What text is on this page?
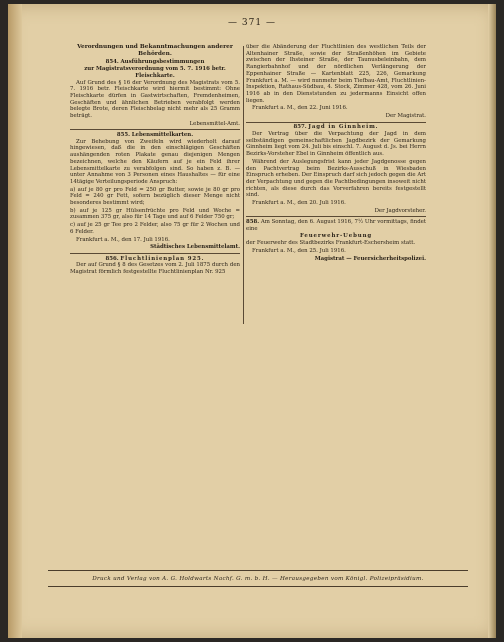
— 371 —
Verordnungen und Bekanntmachungen anderer Behörden.
854. Ausführungsbestimmungen
zur Magistratsverordnung vom 5. 7. 1916 betr. Fleischkarte.

Auf Grund des § 16 der Verordnung des Magistrats vom 5. 7. 1916 betr. Fleischkarte wird hiermit bestimmt: Ohne Fleischkarte dürfen in Gastwirtschaften, Fremdenheimen, Geschäften und ähnlichen Betrieben verabfolgt werden belegte Brote, deren Fleischbelag nicht mehr als 25 Gramm beträgt.

Lebensmittel-Amt.
855. Lebensmittelkarten.

Zur Behebung von Zweifeln wird wiederholt darauf hingewiesen, daß die in den einschlägigen Geschäften aushängenden roten Plakate genau diejenigen Mengen bezeichnen, welche den Käufern auf je ein Feld ihrer Lebensmittelkarte zu verabfolgen sind. So haben z. B. — unter Annahme von 3 Personen eines Haushaltes — für eine 14tägige Verteilungsperiode Anspruch:

a) auf je 80 gr pro Feld = 250 gr Butter, sowie je 80 gr pro Feld = 240 gr Fett, sofern bezüglich dieser Menge nicht besonderes bestimmt wird;

b) auf je 125 gr Hülsenfrüchte pro Feld und Woche = zusammen 375 gr, also für 14 Tage und auf 6 Felder 750 gr;

c) auf je 25 gr Tee pro 2 Felder, also 75 gr für 2 Wochen und 6 Felder.

Frankfurt a. M., den 17. Juli 1916.

Städtisches Lebensmittelamt.
856. Fluchtlinienplan 925.

Der auf Grund § 8 des Gesetzes vom 2. Juli 1875 durch den Magistrat förmlich festgestellte Fluchtlinienplan Nr. 925

über die Abänderung der Fluchtlinien des westlichen Teils der Altenhainer Straße, sowie der Straßenhöhen im Gebiete zwischen der Ihsteiner Straße, der Taunusbeleinbahn, dem Rangierbahnhof und der nördlichen Verlängerung der Eppenhainer Straße — Kartenblatt 225, 226, Gemarkung Frankfurt a. M. — wird nunmehr beim Tiefbau-Amt, Fluchtlinien-Inspektion, Rathaus-Südbau, 4. Stock, Zimmer 428, vom 26. Juni 1916 ab in den Dienststunden zu jedermanns Einsicht offen liegen.

Frankfurt a. M., den 22. Juni 1916.

Der Magistrat.
857. Jagd in Ginnheim.

Der Vertrag über die Verpachtung der Jagd in dem selbständigen gemeinschaftlichen Jagdbezirk der Gemarkung Ginnheim liegt vom 24. Juli bis einschl. 7. August d. Js. bei Herrn Bezirks-Vorsteher Ebel in Ginnheim öffentlich aus.

Während der Auslegungsfrist kann jeder Jagdgenosse gegen den Pachtvertrag beim Bezirks-Ausschuß in Wiesbaden Einspruch erheben. Der Einspruch darf sich jedoch gegen die Art der Verpachtung und gegen die Pachtbedingungen insoweit nicht richten, als diese durch das Vorverfahren bereits festgestellt sind.

Frankfurt a. M., den 20. Juli 1916.

Der Jagdvorsteher.

858. Am Sonntag, den 6. August 1916, 7½ Uhr vormittags, findet eine

Feuerwehr-Uebung

der Feuerwehr des Stadtbezirks Frankfurt-Eschersheim statt.

Frankfurt a. M., den 25. Juli 1916.

Magistrat — Feuersicherheitspolizei.
Druck und Verlag von A. G. Holdwarts Nachf. G. m. b. H. — Herausgegeben vom Königl. Polizeipräsidium.
